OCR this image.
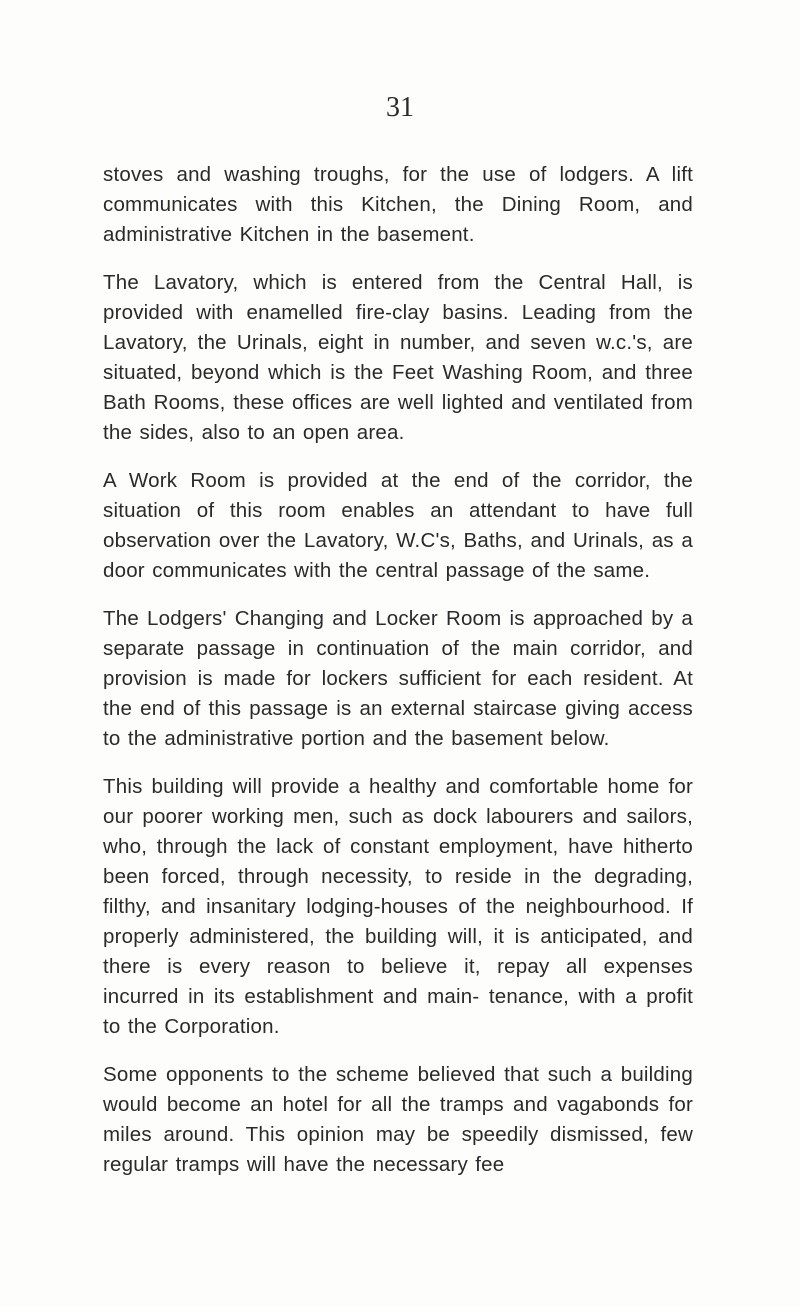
31

stoves and washing troughs, for the use of lodgers. A lift communicates with this Kitchen, the Dining Room, and administrative Kitchen in the basement.

The Lavatory, which is entered from the Central Hall, is provided with enamelled fire-clay basins. Leading from the Lavatory, the Urinals, eight in number, and seven w.c.'s, are situated, beyond which is the Feet Washing Room, and three Bath Rooms, these offices are well lighted and ventilated from the sides, also to an open area.

A Work Room is provided at the end of the corridor, the situation of this room enables an attendant to have full observation over the Lavatory, W.C's, Baths, and Urinals, as a door communicates with the central passage of the same.

The Lodgers' Changing and Locker Room is approached by a separate passage in continuation of the main corridor, and provision is made for lockers sufficient for each resident. At the end of this passage is an external staircase giving access to the administrative portion and the basement below.

This building will provide a healthy and comfortable home for our poorer working men, such as dock labourers and sailors, who, through the lack of constant employment, have hitherto been forced, through necessity, to reside in the degrading, filthy, and insanitary lodging-houses of the neighbourhood. If properly administered, the building will, it is anticipated, and there is every reason to believe it, repay all expenses incurred in its establishment and main- tenance, with a profit to the Corporation.

Some opponents to the scheme believed that such a building would become an hotel for all the tramps and vagabonds for miles around. This opinion may be speedily dismissed, few regular tramps will have the necessary fee
